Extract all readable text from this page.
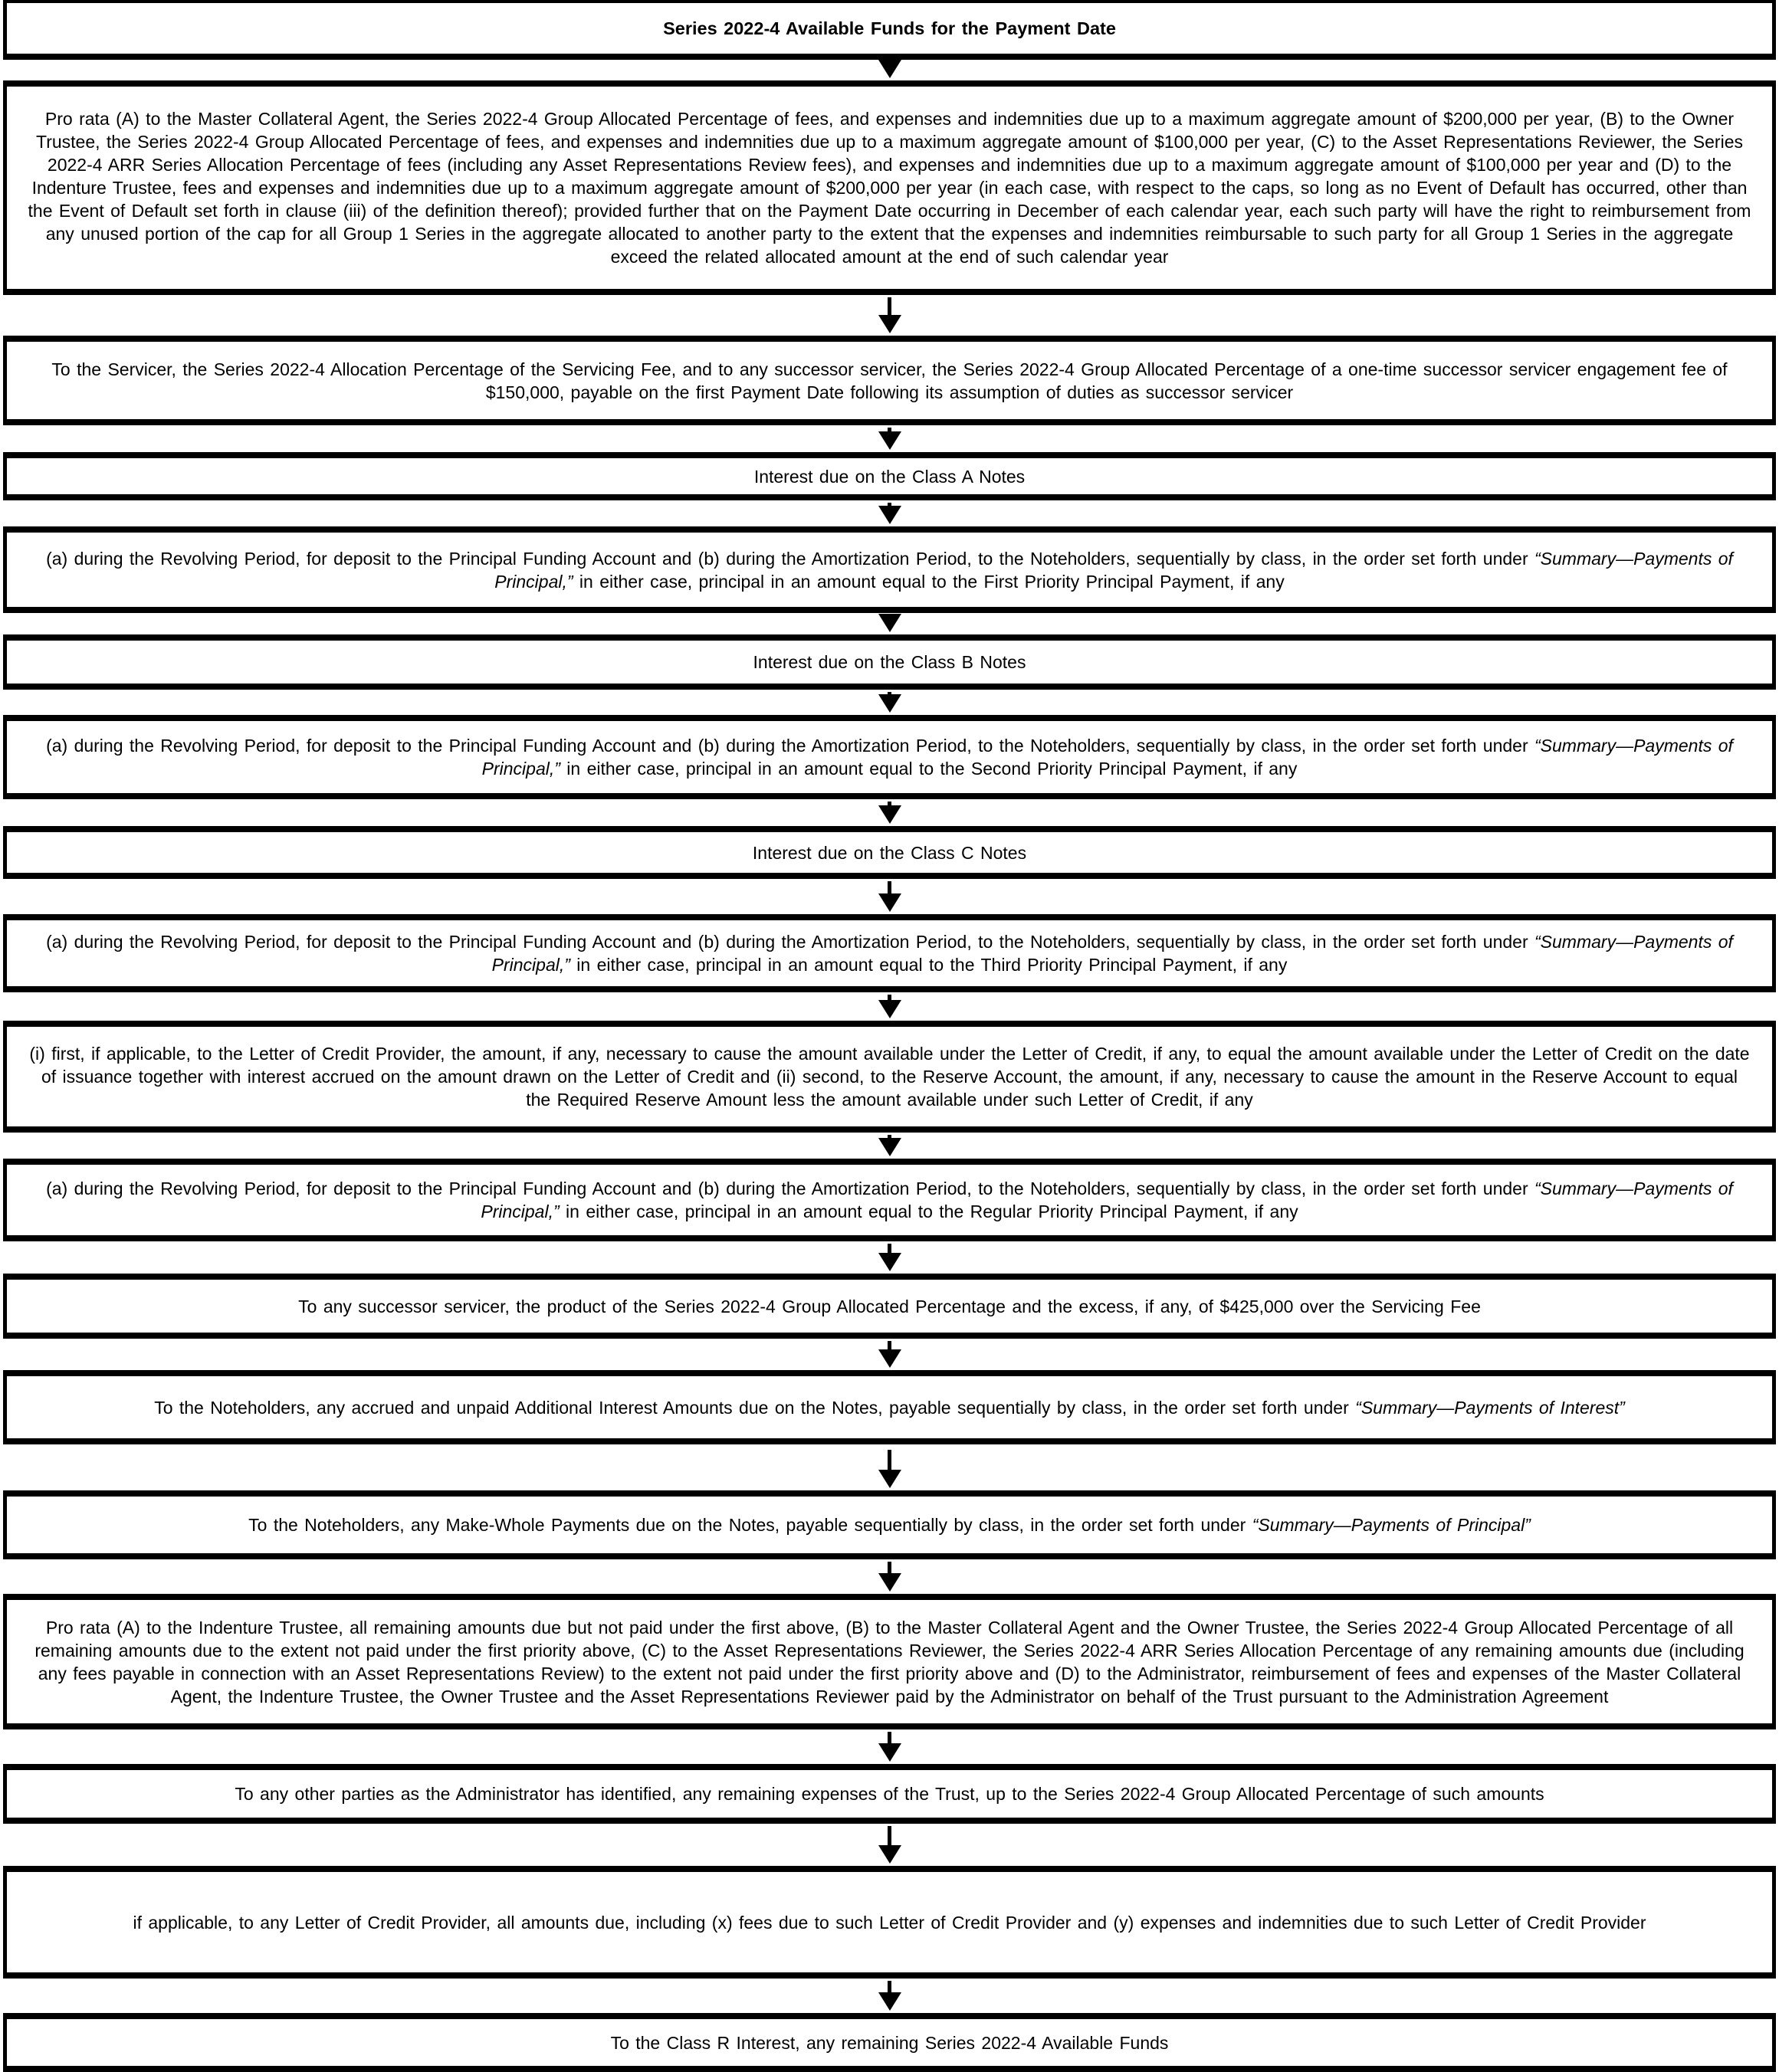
Series 2022-4 Available Funds for the Payment Date

Pro rata (A) to the Master Collateral Agent, the Series 2022-4 Group Allocated Percentage of fees, and expenses and indemnities due up to a maximum aggregate amount of $200,000 per year, (B) to the Owner Trustee, the Series 2022-4 Group Allocated Percentage of fees, and expenses and indemnities due up to a maximum aggregate amount of $100,000 per year, (C) to the Asset Representations Reviewer, the Series 2022-4 ARR Series Allocation Percentage of fees (including any Asset Representations Review fees), and expenses and indemnities due up to a maximum aggregate amount of $100,000 per year and (D) to the Indenture Trustee, fees and expenses and indemnities due up to a maximum aggregate amount of $200,000 per year (in each case, with respect to the caps, so long as no Event of Default has occurred, other than the Event of Default set forth in clause (iii) of the definition thereof); provided further that on the Payment Date occurring in December of each calendar year, each such party will have the right to reimbursement from any unused portion of the cap for all Group 1 Series in the aggregate allocated to another party to the extent that the expenses and indemnities reimbursable to such party for all Group 1 Series in the aggregate exceed the related allocated amount at the end of such calendar year

To the Servicer, the Series 2022-4 Allocation Percentage of the Servicing Fee, and to any successor servicer, the Series 2022-4 Group Allocated Percentage of a one-time successor servicer engagement fee of $150,000, payable on the first Payment Date following its assumption of duties as successor servicer

Interest due on the Class A Notes

(a) during the Revolving Period, for deposit to the Principal Funding Account and (b) during the Amortization Period, to the Noteholders, sequentially by class, in the order set forth under “Summary—Payments of Principal,” in either case, principal in an amount equal to the First Priority Principal Payment, if any

Interest due on the Class B Notes

(a) during the Revolving Period, for deposit to the Principal Funding Account and (b) during the Amortization Period, to the Noteholders, sequentially by class, in the order set forth under “Summary—Payments of Principal,” in either case, principal in an amount equal to the Second Priority Principal Payment, if any

Interest due on the Class C Notes

(a) during the Revolving Period, for deposit to the Principal Funding Account and (b) during the Amortization Period, to the Noteholders, sequentially by class, in the order set forth under “Summary—Payments of Principal,” in either case, principal in an amount equal to the Third Priority Principal Payment, if any

(i) first, if applicable, to the Letter of Credit Provider, the amount, if any, necessary to cause the amount available under the Letter of Credit, if any, to equal the amount available under the Letter of Credit on the date of issuance together with interest accrued on the amount drawn on the Letter of Credit and (ii) second, to the Reserve Account, the amount, if any, necessary to cause the amount in the Reserve Account to equal the Required Reserve Amount less the amount available under such Letter of Credit, if any

(a) during the Revolving Period, for deposit to the Principal Funding Account and (b) during the Amortization Period, to the Noteholders, sequentially by class, in the order set forth under “Summary—Payments of Principal,” in either case, principal in an amount equal to the Regular Priority Principal Payment, if any

To any successor servicer, the product of the Series 2022-4 Group Allocated Percentage and the excess, if any, of $425,000 over the Servicing Fee

To the Noteholders, any accrued and unpaid Additional Interest Amounts due on the Notes, payable sequentially by class, in the order set forth under “Summary—Payments of Interest”

To the Noteholders, any Make-Whole Payments due on the Notes, payable sequentially by class, in the order set forth under “Summary—Payments of Principal”

Pro rata (A) to the Indenture Trustee, all remaining amounts due but not paid under the first above, (B) to the Master Collateral Agent and the Owner Trustee, the Series 2022-4 Group Allocated Percentage of all remaining amounts due to the extent not paid under the first priority above, (C) to the Asset Representations Reviewer, the Series 2022-4 ARR Series Allocation Percentage of any remaining amounts due (including any fees payable in connection with an Asset Representations Review) to the extent not paid under the first priority above and (D) to the Administrator, reimbursement of fees and expenses of the Master Collateral Agent, the Indenture Trustee, the Owner Trustee and the Asset Representations Reviewer paid by the Administrator on behalf of the Trust pursuant to the Administration Agreement

To any other parties as the Administrator has identified, any remaining expenses of the Trust, up to the Series 2022-4 Group Allocated Percentage of such amounts

if applicable, to any Letter of Credit Provider, all amounts due, including (x) fees due to such Letter of Credit Provider and (y) expenses and indemnities due to such Letter of Credit Provider

To the Class R Interest, any remaining Series 2022-4 Available Funds
